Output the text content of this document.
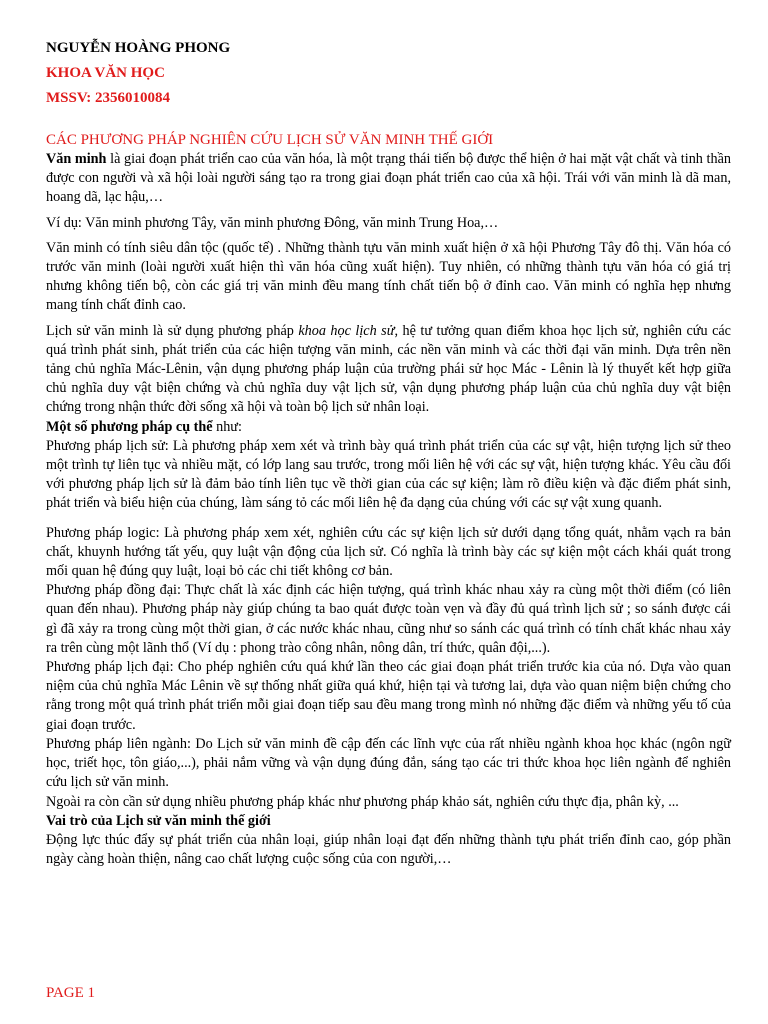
NGUYỄN HOÀNG PHONG

KHOA VĂN HỌC

MSSV: 2356010084

CÁC PHƯƠNG PHÁP NGHIÊN CỨU LỊCH SỬ VĂN MINH THẾ GIỚI

Văn minh là giai đoạn phát triển cao của văn hóa, là một trạng thái tiến bộ được thể hiện ở hai mặt vật chất và tinh thần được con người và xã hội loài người sáng tạo ra trong giai đoạn phát triển cao của xã hội. Trái với văn minh là dã man, hoang dã, lạc hậu,…

Ví dụ: Văn minh phương Tây, văn minh phương Đông, văn minh Trung Hoa,…

Văn minh có tính siêu dân tộc (quốc tế) . Những thành tựu văn minh xuất hiện ở xã hội Phương Tây đô thị. Văn hóa có trước văn minh (loài người xuất hiện thì văn hóa cũng xuất hiện). Tuy nhiên, có những thành tựu văn hóa có giá trị nhưng không tiến bộ, còn các giá trị văn minh đều mang tính chất tiến bộ ở đỉnh cao. Văn minh có nghĩa hẹp nhưng mang tính chất đỉnh cao.

Lịch sử văn minh là sử dụng phương pháp khoa học lịch sử, hệ tư tưởng quan điểm khoa học lịch sử, nghiên cứu các quá trình phát sinh, phát triển của các hiện tượng văn minh, các nền văn minh và các thời đại văn minh. Dựa trên nền tảng chủ nghĩa Mác-Lênin, vận dụng phương pháp luận của trường phái sử học Mác - Lênin là lý thuyết kết hợp giữa chủ nghĩa duy vật biện chứng và chủ nghĩa duy vật lịch sử, vận dụng phương pháp luận của chủ nghĩa duy vật biện chứng trong nhận thức đời sống xã hội và toàn bộ lịch sử nhân loại.

Một số phương pháp cụ thể như:

Phương pháp lịch sử: Là phương pháp xem xét và trình bày quá trình phát triển của các sự vật, hiện tượng lịch sử theo một trình tự liên tục và nhiều mặt, có lớp lang sau trước, trong mối liên hệ với các sự vật, hiện tượng khác. Yêu cầu đối với phương pháp lịch sử là đảm bảo tính liên tục về thời gian của các sự kiện; làm rõ điều kiện và đặc điểm phát sinh, phát triển và biểu hiện của chúng, làm sáng tỏ các mối liên hệ đa dạng của chúng với các sự vật xung quanh.

Phương pháp logic: Là phương pháp xem xét, nghiên cứu các sự kiện lịch sử dưới dạng tổng quát, nhằm vạch ra bản chất, khuynh hướng tất yếu, quy luật vận động của lịch sử. Có nghĩa là trình bày các sự kiện một cách khái quát trong mối quan hệ đúng quy luật, loại bỏ các chi tiết không cơ bản.

Phương pháp đồng đại: Thực chất là xác định các hiện tượng, quá trình khác nhau xảy ra cùng một thời điểm (có liên quan đến nhau). Phương pháp này giúp chúng ta bao quát được toàn vẹn và đầy đủ quá trình lịch sử ; so sánh được cái gì đã xảy ra trong cùng một thời gian, ở các nước khác nhau, cũng như so sánh các quá trình có tính chất khác nhau xảy ra trên cùng một lãnh thổ (Ví dụ : phong trào công nhân, nông dân, trí thức, quân đội,...).

Phương pháp lịch đại: Cho phép nghiên cứu quá khứ lần theo các giai đoạn phát triển trước kia của nó. Dựa vào quan niệm của chủ nghĩa Mác Lênin về sự thống nhất giữa quá khứ, hiện tại và tương lai, dựa vào quan niệm biện chứng cho rằng trong một quá trình phát triển mỗi giai đoạn tiếp sau đều mang trong mình nó những đặc điểm và những yếu tố của giai đoạn trước.

Phương pháp liên ngành: Do Lịch sử văn minh đề cập đến các lĩnh vực của rất nhiều ngành khoa học khác (ngôn ngữ học, triết học, tôn giáo,...), phải nắm vững và vận dụng đúng đắn, sáng tạo các tri thức khoa học liên ngành để nghiên cứu lịch sử văn minh.

Ngoài ra còn cần sử dụng nhiều phương pháp khác như phương pháp khảo sát, nghiên cứu thực địa, phân kỳ, ...

Vai trò của Lịch sử văn minh thế giới

Động lực thúc đẩy sự phát triển của nhân loại, giúp nhân loại đạt đến những thành tựu phát triển đỉnh cao, góp phần ngày càng hoàn thiện, nâng cao chất lượng cuộc sống của con người,…

PAGE 1
